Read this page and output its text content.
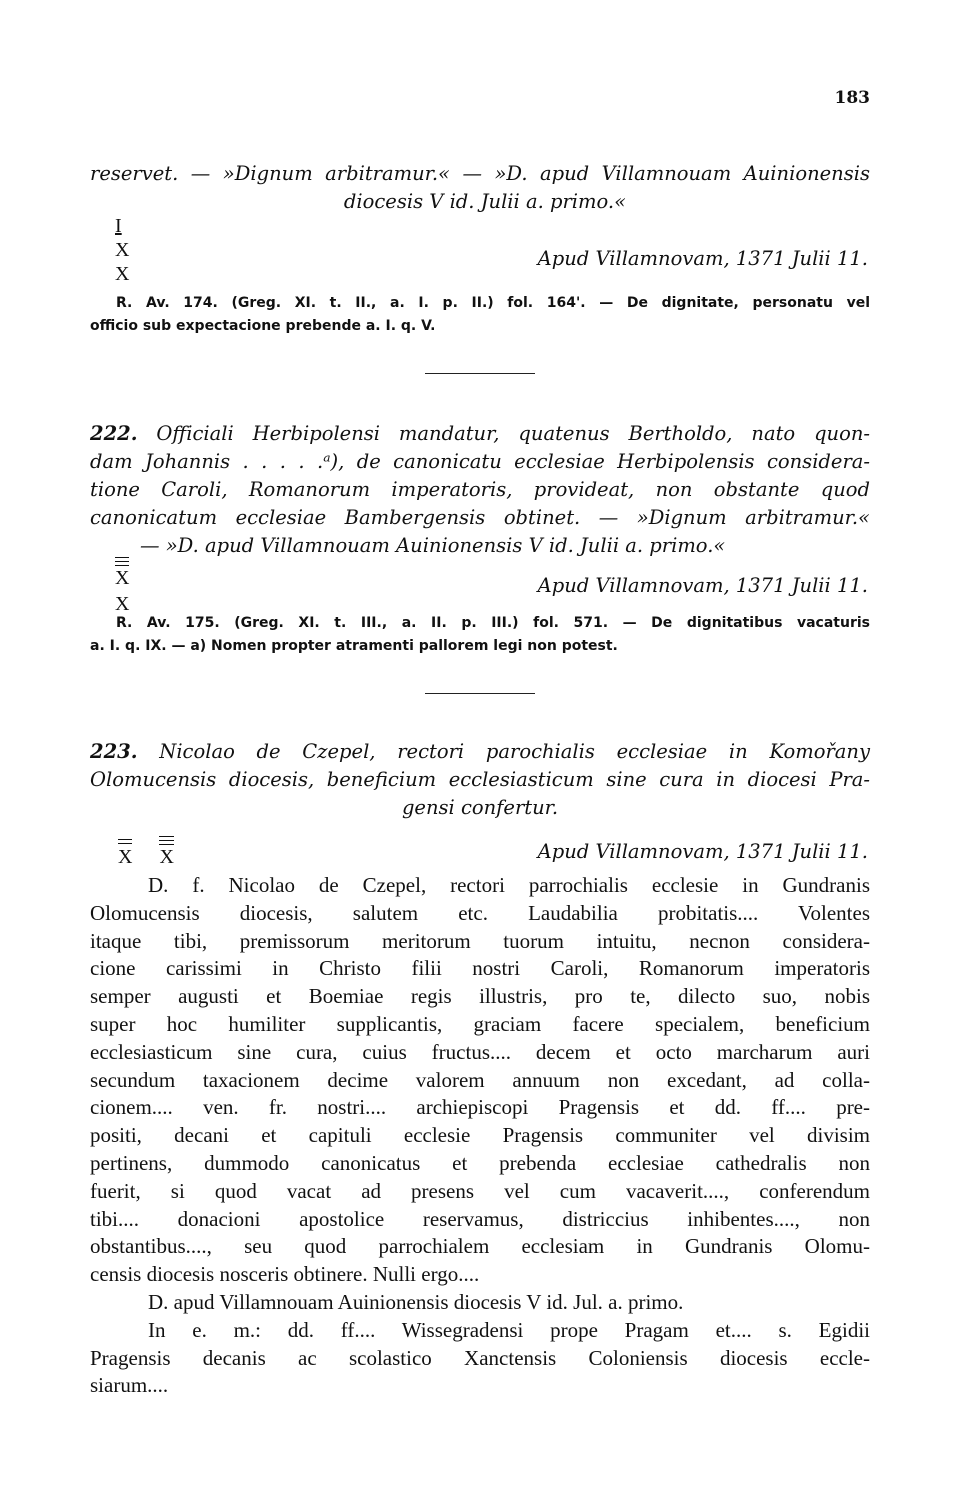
183
reservet. — »Dignum arbitramur.« — »D. apud Villamnouam Auinionensis
diocesis V id. Julii a. primo.«
I
X
X
Apud Villamnovam, 1371 Julii 11.
R. Av. 174. (Greg. XI. t. II., a. I. p. II.) fol. 164'. — De dignitate, personatu vel
officio sub expectacione prebende a. I. q. V.
222. Officiali Herbipolensi mandatur, quatenus Bertholdo, nato quon-
dam Johannis . . . . .ᵃ), de canonicatu ecclesiae Herbipolensis considera-
tione Caroli, Romanorum imperatoris, provideat, non obstante quod
canonicatum ecclesiae Bambergensis obtinet. — »Dignum arbitramur.«
— »D. apud Villamnouam Auinionensis V id. Julii a. primo.«
X
X
Apud Villamnovam, 1371 Julii 11.
R. Av. 175. (Greg. XI. t. III., a. II. p. III.) fol. 571. — De dignitatibus vacaturis
a. I. q. IX. — a) Nomen propter atramenti pallorem legi non potest.
223. Nicolao de Czepel, rectori parochialis ecclesiae in Komořany
Olomucensis diocesis, beneficium ecclesiasticum sine cura in diocesi Pra-
gensi confertur.
X X	Apud Villamnovam, 1371 Julii 11.
D. f. Nicolao de Czepel, rectori parrochialis ecclesie in Gundranis
Olomucensis diocesis, salutem etc. Laudabilia probitatis.... Volentes
itaque tibi, premissorum meritorum tuorum intuitu, necnon considera-
cione carissimi in Christo filii nostri Caroli, Romanorum imperatoris
semper augusti et Boemiae regis illustris, pro te, dilecto suo, nobis
super hoc humiliter supplicantis, graciam facere specialem, beneficium
ecclesiasticum sine cura, cuius fructus.... decem et octo marcharum auri
secundum taxacionem decime valorem annuum non excedant, ad colla-
cionem.... ven. fr. nostri.... archiepiscopi Pragensis et dd. ff.... pre-
positi, decani et capituli ecclesie Pragensis communiter vel divisim
pertinens, dummodo canonicatus et prebenda ecclesiae cathedralis non
fuerit, si quod vacat ad presens vel cum vacaverit...., conferendum
tibi.... donacioni apostolice reservamus, districcius inhibentes...., non
obstantibus...., seu quod parrochialem ecclesiam in Gundranis Olomu-
censis diocesis nosceris obtinere. Nulli ergo....
D. apud Villamnouam Auinionensis diocesis V id. Jul. a. primo.
In e. m.: dd. ff.... Wissegradensi prope Pragam et.... s. Egidii
Pragensis decanis ac scolastico Xanctensis Coloniensis diocesis eccle-
siarum....
